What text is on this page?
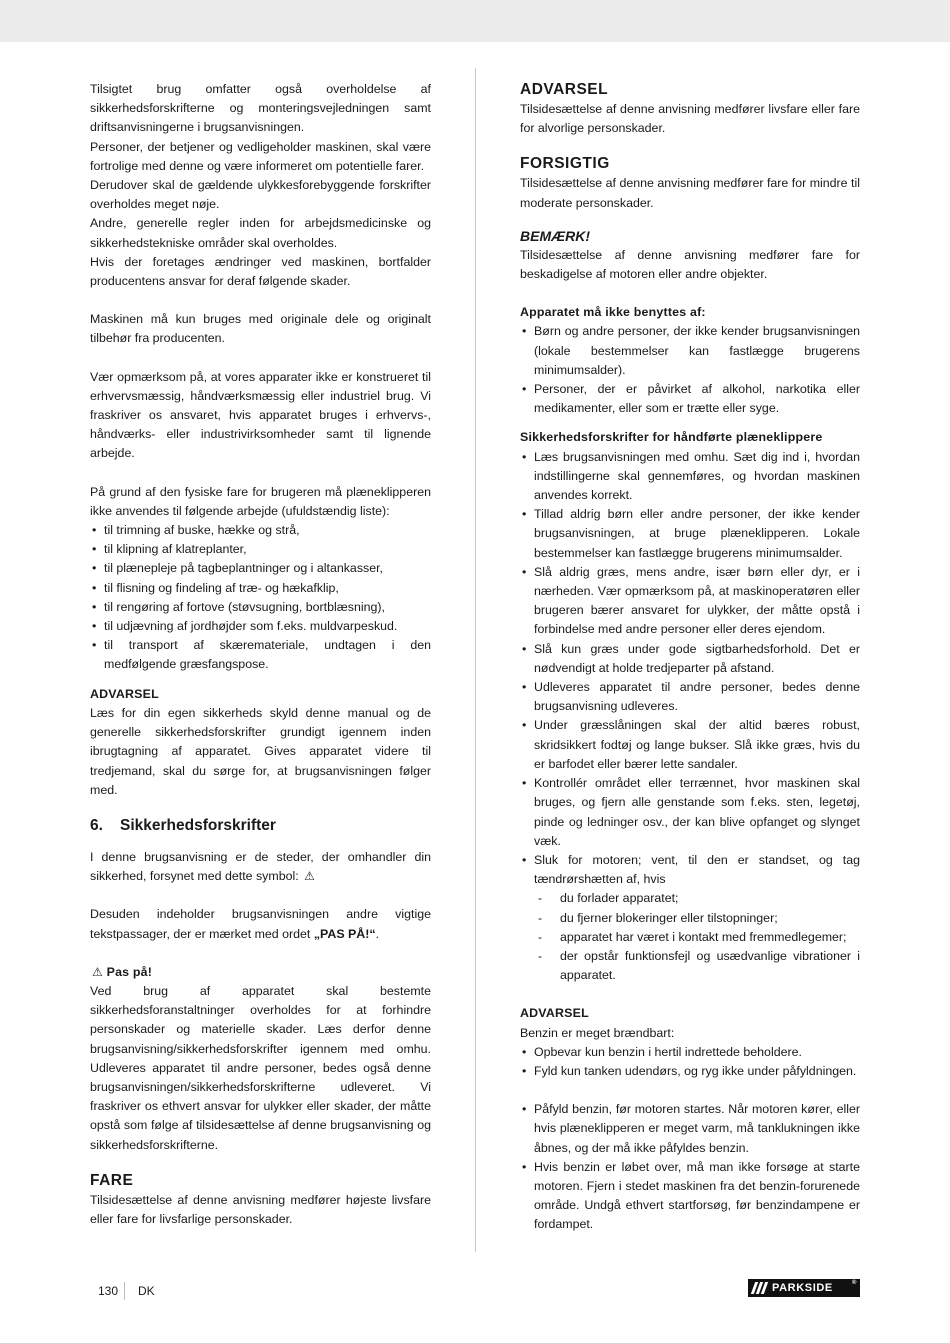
Tilsigtet brug omfatter også overholdelse af sikkerhedsforskrifterne og monteringsvejledningen samt driftsanvisningerne i brugsanvisningen.

Personer, der betjener og vedligeholder maskinen, skal være fortrolige med denne og være informeret om potentielle farer.

Derudover skal de gældende ulykkesforebyggende forskrifter overholdes meget nøje.

Andre, generelle regler inden for arbejdsmedicinske og sikkerhedstekniske områder skal overholdes.

Hvis der foretages ændringer ved maskinen, bortfalder producentens ansvar for deraf følgende skader.

Maskinen må kun bruges med originale dele og originalt tilbehør fra producenten.

Vær opmærksom på, at vores apparater ikke er konstrueret til erhvervsmæssig, håndværksmæssig eller industriel brug. Vi fraskriver os ansvaret, hvis apparatet bruges i erhvervs-, håndværks- eller industrivirksomheder samt til lignende arbejde.

På grund af den fysiske fare for brugeren må plæneklipperen ikke anvendes til følgende arbejde (ufuldstændig liste):

• til trimning af buske, hække og strå,
• til klipning af klatreplanter,
• til plænepleje på tagbeplantninger og i altankasser,
• til flisning og findeling af træ- og hækafklip,
• til rengøring af fortove (støvsugning, bortblæsning),
• til udjævning af jordhøjder som f.eks. muldvarpeskud.
• til transport af skæremateriale, undtagen i den medfølgende græsfangspose.

ADVARSEL

Læs for din egen sikkerheds skyld denne manual og de generelle sikkerhedsforskrifter grundigt igennem inden ibrugtagning af apparatet. Gives apparatet videre til tredjemand, skal du sørge for, at brugsanvisningen følger med.

6. Sikkerhedsforskrifter

I denne brugsanvisning er de steder, der omhandler din sikkerhed, forsynet med dette symbol: ⚠

Desuden indeholder brugsanvisningen andre vigtige tekstpassager, der er mærket med ordet „PAS PÅ!“.

⚠ Pas på!

Ved brug af apparatet skal bestemte sikkerhedsforanstaltninger overholdes for at forhindre personskader og materielle skader. Læs derfor denne brugsanvisning/sikkerhedsforskrifter igennem med omhu. Udleveres apparatet til andre personer, bedes også denne brugsanvisningen/sikkerhedsforskrifterne udleveret. Vi fraskriver os ethvert ansvar for ulykker eller skader, der måtte opstå som følge af tilsidesættelse af denne brugsanvisning og sikkerhedsforskrifterne.

FARE

Tilsidesættelse af denne anvisning medfører højeste livsfare eller fare for livsfarlige personskader.

ADVARSEL

Tilsidesættelse af denne anvisning medfører livsfare eller fare for alvorlige personskader.

FORSIGTIG

Tilsidesættelse af denne anvisning medfører fare for mindre til moderate personskader.

BEMÆRK!

Tilsidesættelse af denne anvisning medfører fare for beskadigelse af motoren eller andre objekter.

Apparatet må ikke benyttes af:

• Børn og andre personer, der ikke kender brugsanvisningen (lokale bestemmelser kan fastlægge brugerens minimumsalder).
• Personer, der er påvirket af alkohol, narkotika eller medikamenter, eller som er trætte eller syge.

Sikkerhedsforskrifter for håndførte plæneklippere

• Læs brugsanvisningen med omhu. Sæt dig ind i, hvordan indstillingerne skal gennemføres, og hvordan maskinen anvendes korrekt.
• Tillad aldrig børn eller andre personer, der ikke kender brugsanvisningen, at bruge plæneklipperen. Lokale bestemmelser kan fastlægge brugerens minimumsalder.
• Slå aldrig græs, mens andre, især børn eller dyr, er i nærheden. Vær opmærksom på, at maskinoperatøren eller brugeren bærer ansvaret for ulykker, der måtte opstå i forbindelse med andre personer eller deres ejendom.
• Slå kun græs under gode sigtbarhedsforhold. Det er nødvendigt at holde tredjeparter på afstand.
• Udleveres apparatet til andre personer, bedes denne brugsanvisning udleveres.
• Under græsslåningen skal der altid bæres robust, skridsikkert fodtøj og lange bukser. Slå ikke græs, hvis du er barfodet eller bærer lette sandaler.
• Kontrollér området eller terrænnet, hvor maskinen skal bruges, og fjern alle genstande som f.eks. sten, legetøj, pinde og ledninger osv., der kan blive opfanget og slynget væk.
• Sluk for motoren; vent, til den er standset, og tag tændrørshætten af, hvis
- du forlader apparatet;
- du fjerner blokeringer eller tilstopninger;
- apparatet har været i kontakt med fremmedlegemer;
- der opstår funktionsfejl og usædvanlige vibrationer i apparatet.

ADVARSEL

Benzin er meget brændbart:

• Opbevar kun benzin i hertil indrettede beholdere.
• Fyld kun tanken udendørs, og ryg ikke under påfyldningen.
• Påfyld benzin, før motoren startes. Når motoren kører, eller hvis plæneklipperen er meget varm, må tanklukningen ikke åbnes, og der må ikke påfyldes benzin.
• Hvis benzin er løbet over, må man ikke forsøge at starte motoren. Fjern i stedet maskinen fra det benzin-forurenede område. Undgå ethvert startforsøg, før benzindampene er fordampet.
130 DK	PARKSIDE	®
